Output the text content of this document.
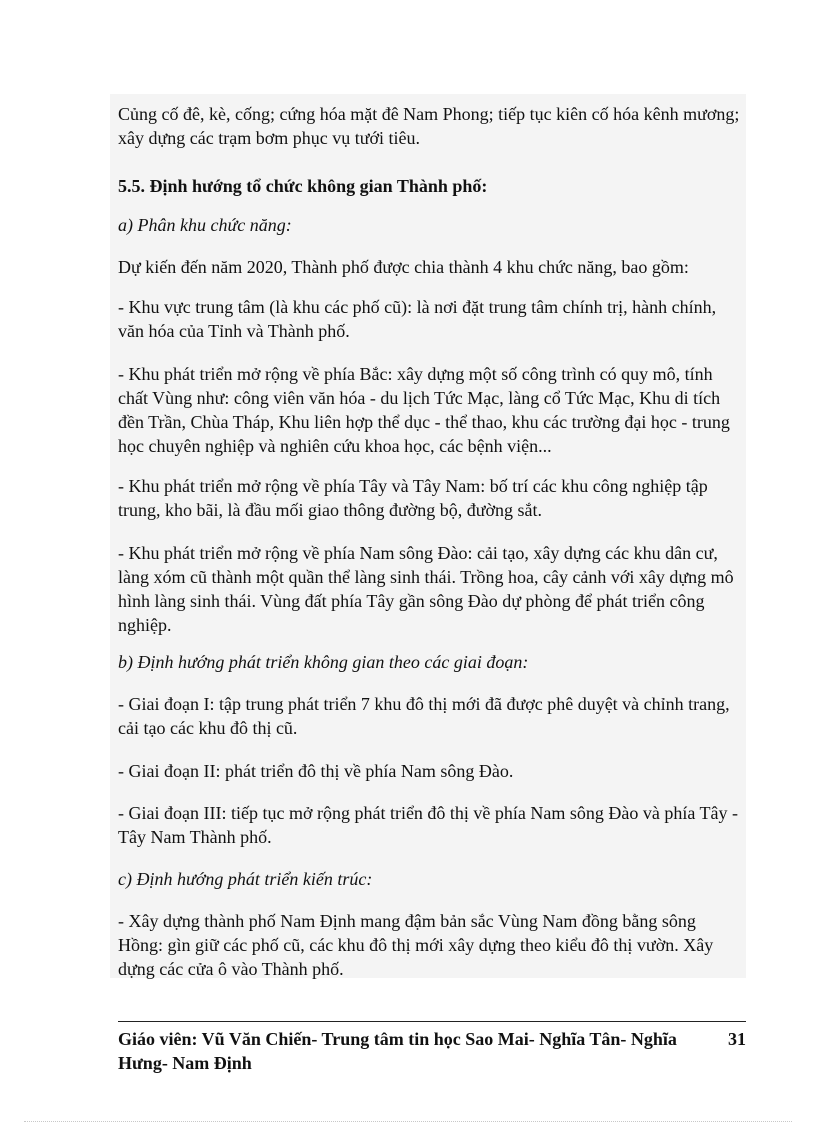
Củng cố đê, kè, cống; cứng hóa mặt đê Nam Phong; tiếp tục kiên cố hóa kênh mương; xây dựng các trạm bơm phục vụ tưới tiêu.

5.5. Định hướng tổ chức không gian Thành phố:

a) Phân khu chức năng:

Dự kiến đến năm 2020, Thành phố được chia thành 4 khu chức năng, bao gồm:

- Khu vực trung tâm (là khu các phố cũ): là nơi đặt trung tâm chính trị, hành chính, văn hóa của Tỉnh và Thành phố.

- Khu phát triển mở rộng về phía Bắc: xây dựng một số công trình có quy mô, tính chất Vùng như: công viên văn hóa - du lịch Tức Mạc, làng cổ Tức Mạc, Khu di tích đền Trần, Chùa Tháp, Khu liên hợp thể dục - thể thao, khu các trường đại học - trung học chuyên nghiệp và nghiên cứu khoa học, các bệnh viện...

- Khu phát triển mở rộng về phía Tây và Tây Nam: bố trí các khu công nghiệp tập trung, kho bãi, là đầu mối giao thông đường bộ, đường sắt.

- Khu phát triển mở rộng về phía Nam sông Đào: cải tạo, xây dựng các khu dân cư, làng xóm cũ thành một quần thể làng sinh thái. Trồng hoa, cây cảnh với xây dựng mô hình làng sinh thái. Vùng đất phía Tây gần sông Đào dự phòng để phát triển công nghiệp.

b) Định hướng phát triển không gian theo các giai đoạn:

- Giai đoạn I: tập trung phát triển 7 khu đô thị mới đã được phê duyệt và chỉnh trang, cải tạo các khu đô thị cũ.

- Giai đoạn II: phát triển đô thị về phía Nam sông Đào.

- Giai đoạn III: tiếp tục mở rộng phát triển đô thị về phía Nam sông Đào và phía Tây - Tây Nam Thành phố.

c) Định hướng phát triển kiến trúc:

- Xây dựng thành phố Nam Định mang đậm bản sắc Vùng Nam đồng bằng sông Hồng: gìn giữ các phố cũ, các khu đô thị mới xây dựng theo kiểu đô thị vườn. Xây dựng các cửa ô vào Thành phố.

Giáo viên: Vũ Văn Chiến- Trung tâm tin học Sao Mai- Nghĩa Tân- Nghĩa Hưng- Nam Định
31
